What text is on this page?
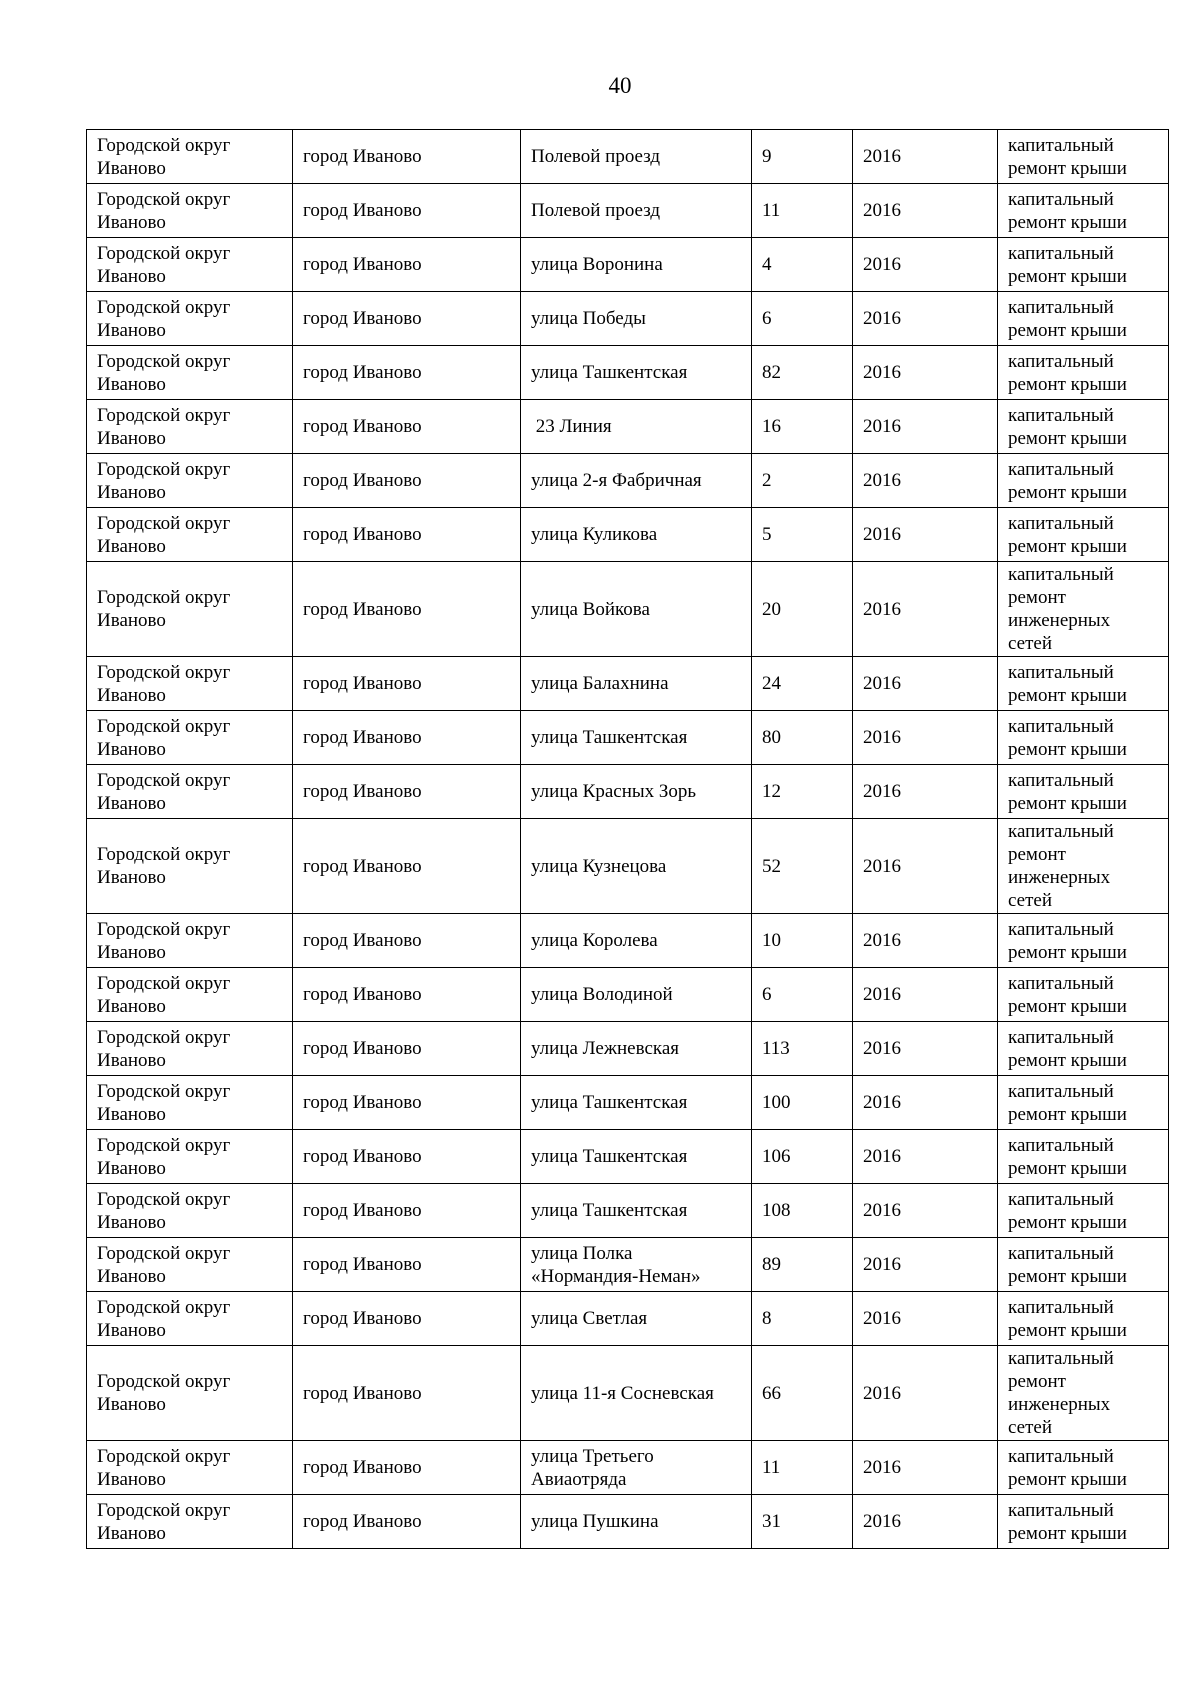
40
Городской округ Иваново	город Иваново	Полевой проезд	9	2016	капитальный ремонт крыши
Городской округ Иваново	город Иваново	Полевой проезд	11	2016	капитальный ремонт крыши
Городской округ Иваново	город Иваново	улица Воронина	4	2016	капитальный ремонт крыши
Городской округ Иваново	город Иваново	улица Победы	6	2016	капитальный ремонт крыши
Городской округ Иваново	город Иваново	улица Ташкентская	82	2016	капитальный ремонт крыши
Городской округ Иваново	город Иваново	23 Линия	16	2016	капитальный ремонт крыши
Городской округ Иваново	город Иваново	улица 2-я Фабричная	2	2016	капитальный ремонт крыши
Городской округ Иваново	город Иваново	улица Куликова	5	2016	капитальный ремонт крыши
Городской округ Иваново	город Иваново	улица Войкова	20	2016	капитальный ремонт инженерных сетей
Городской округ Иваново	город Иваново	улица Балахнина	24	2016	капитальный ремонт крыши
Городской округ Иваново	город Иваново	улица Ташкентская	80	2016	капитальный ремонт крыши
Городской округ Иваново	город Иваново	улица Красных Зорь	12	2016	капитальный ремонт крыши
Городской округ Иваново	город Иваново	улица Кузнецова	52	2016	капитальный ремонт инженерных сетей
Городской округ Иваново	город Иваново	улица Королева	10	2016	капитальный ремонт крыши
Городской округ Иваново	город Иваново	улица Володиной	6	2016	капитальный ремонт крыши
Городской округ Иваново	город Иваново	улица Лежневская	113	2016	капитальный ремонт крыши
Городской округ Иваново	город Иваново	улица Ташкентская	100	2016	капитальный ремонт крыши
Городской округ Иваново	город Иваново	улица Ташкентская	106	2016	капитальный ремонт крыши
Городской округ Иваново	город Иваново	улица Ташкентская	108	2016	капитальный ремонт крыши
Городской округ Иваново	город Иваново	улица Полка «Нормандия-Неман»	89	2016	капитальный ремонт крыши
Городской округ Иваново	город Иваново	улица Светлая	8	2016	капитальный ремонт крыши
Городской округ Иваново	город Иваново	улица 11-я Сосневская	66	2016	капитальный ремонт инженерных сетей
Городской округ Иваново	город Иваново	улица Третьего Авиаотряда	11	2016	капитальный ремонт крыши
Городской округ Иваново	город Иваново	улица Пушкина	31	2016	капитальный ремонт крыши
